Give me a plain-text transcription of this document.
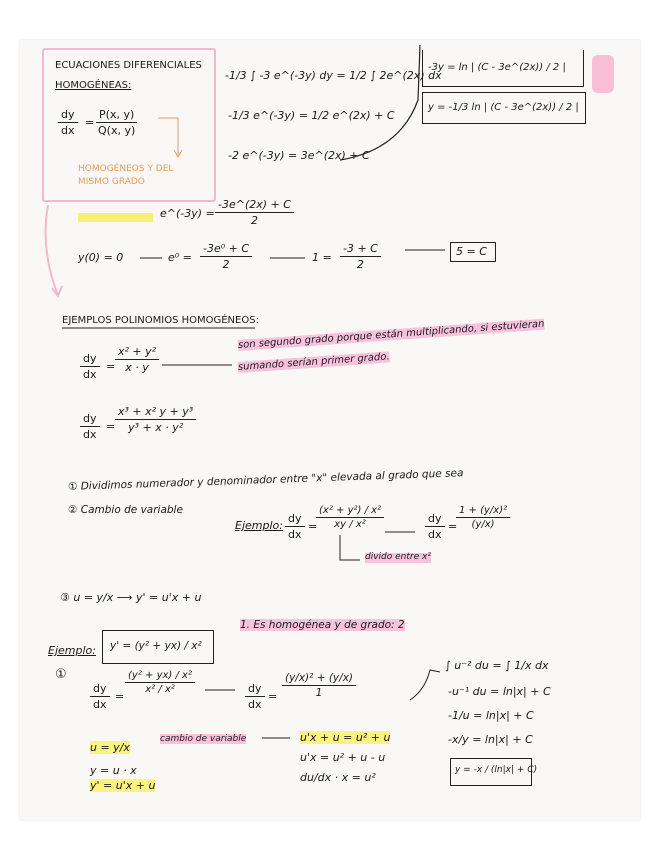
ECUACIONES DIFERENCIALES
HOMOGÉNEAS:
$\frac{dy}{dx} = \frac{P(x, y)}{Q(x, y)}$
HOMOGÉNEOS Y DEL
MISMO GRADO
-1/3 ∫ -3 e^(-3y) dy = 1/2 ∫ 2e^(2x) dx
-1/3 e^(-3y) = 1/2 e^(2x) + C
-2 e^(-3y) = 3e^(2x) + C
-3y = ln | (C - 3e^(2x)) / 2 |
y = -1/3 ln | (C - 3e^(2x)) / 2 |
e^(-3y) = $\frac{-3e\^{}(2x) + C}{2}$
y(0) = 0	$e^0 = \frac{\text{-3e⁰ + C}}{2}$	$1 = \frac{-3 + C}{2}$	5 = C
EJEMPLOS POLINOMIOS HOMOGÉNEOS:
$\frac{dy}{dx} = \frac{\text{x² + y²}}{x \cdot y}$
son segundo grado porque están multiplicando, si estuvieran
sumando serían primer grado.
$\frac{dy}{dx} = \frac{\text{x³ + x² y + y³}}{\text{y³ + x · y²}}$
① Dividimos numerador y denominador entre "x" elevada al grado que sea
② Cambio de variable
Ejemplo: $\frac{dy}{dx}$ =
$\frac{\text{(x² + y²) / x²}}{\text{xy / x²}}$	$\frac{dy}{dx}$ =
$\frac{\text{1 + (y/x)²}}{(y/x)}$
divido entre x²
③ u = y/x ⟶ y' = u'x + u
Ejemplo: y' = (y² + yx) / x²
1. Es homogénea y de grado: 2
①
$\frac{dy}{dx}$ =
$\frac{\text{(y² + yx) / x²}}{\text{x² / x²}}$	$\frac{dy}{dx} = \frac{\text{(y/x)² + (y/x)}}{1}$
u = y/x
cambio de variable
y = u · x
y' = u'x + u
u'x + u = u² + u
u'x = u² + u - u
du/dx · x = u²
∫ u⁻² du = ∫ 1/x dx
-u⁻¹ du = ln|x| + C
-1/u = ln|x| + C
-x/y = ln|x| + C
y = -x / (ln|x| + C)
